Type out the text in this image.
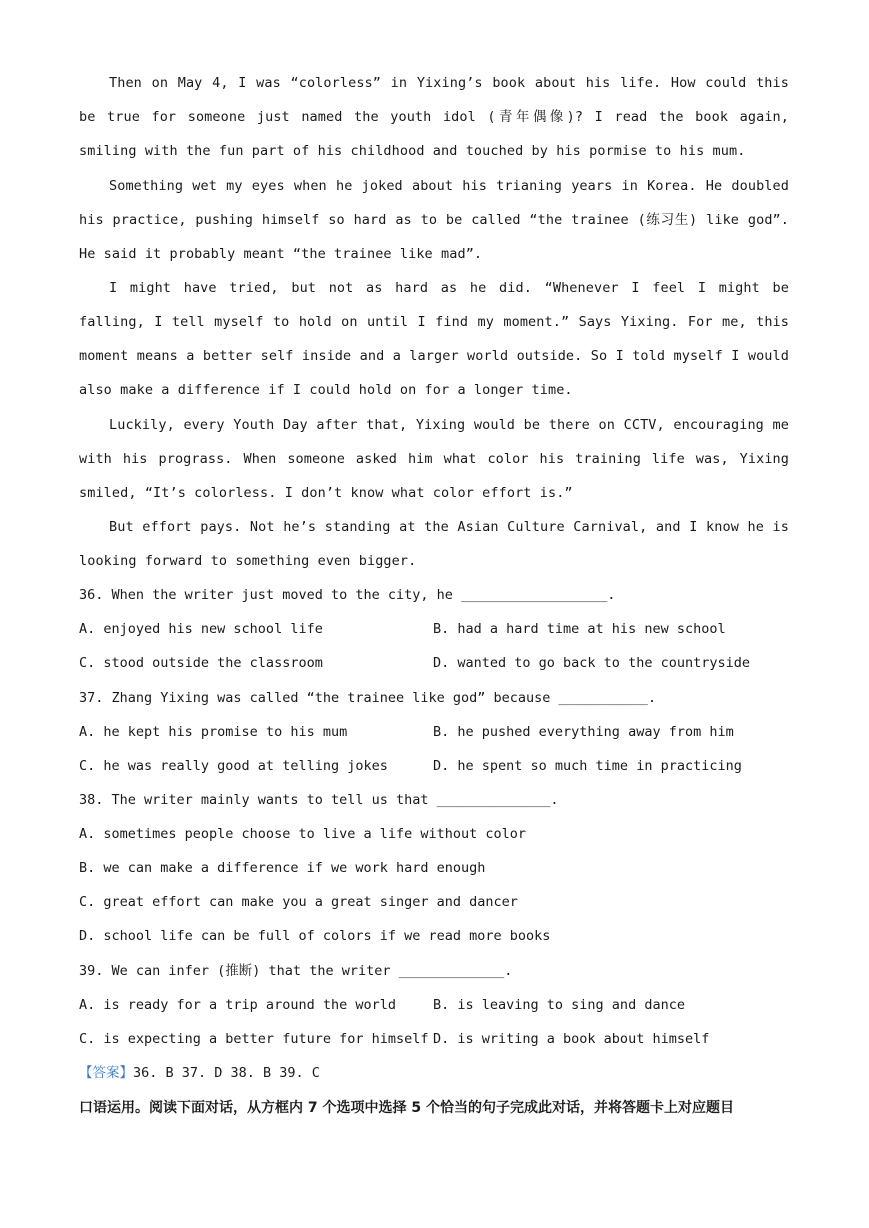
Then on May 4, I was “colorless” in Yixing’s book about his life. How could this be true for someone just named the youth idol (青年偶像)? I read the book again, smiling with the fun part of his childhood and touched by his pormise to his mum.

Something wet my eyes when he joked about his trianing years in Korea. He doubled his practice, pushing himself so hard as to be called “the trainee (练习生) like god”. He said it probably meant “the trainee like mad”.

I might have tried, but not as hard as he did. “Whenever I feel I might be falling, I tell myself to hold on until I find my moment.” Says Yixing. For me, this moment means a better self inside and a larger world outside. So I told myself I would also make a difference if I could hold on for a longer time.

Luckily, every Youth Day after that, Yixing would be there on CCTV, encouraging me with his prograss. When someone asked him what color his training life was, Yixing smiled, “It’s colorless. I don’t know what color effort is.”

But effort pays. Not he’s standing at the Asian Culture Carnival, and I know he is looking forward to something even bigger.

36. When the writer just moved to the city, he __________________.
A. enjoyed his new school life	B. had a hard time at his new school
C. stood outside the classroom	D. wanted to go back to the countryside
37. Zhang Yixing was called “the trainee like god” because ___________.
A. he kept his promise to his mum	B. he pushed everything away from him
C. he was really good at telling jokes	D. he spent so much time in practicing
38. The writer mainly wants to tell us that ______________.
A. sometimes people choose to live a life without color
B. we can make a difference if we work hard enough
C. great effort can make you a great singer and dancer
D. school life can be full of colors if we read more books
39. We can infer (推断) that the writer _____________.
A. is ready for a trip around the world	B. is leaving to sing and dance
C. is expecting a better future for himself D. is writing a book about himself
【答案】36. B 37. D 38. B 39. C
口语运用。阅读下面对话，从方框内 7 个选项中选择 5 个恰当的句子完成此对话，并将答题卡上对应题目
